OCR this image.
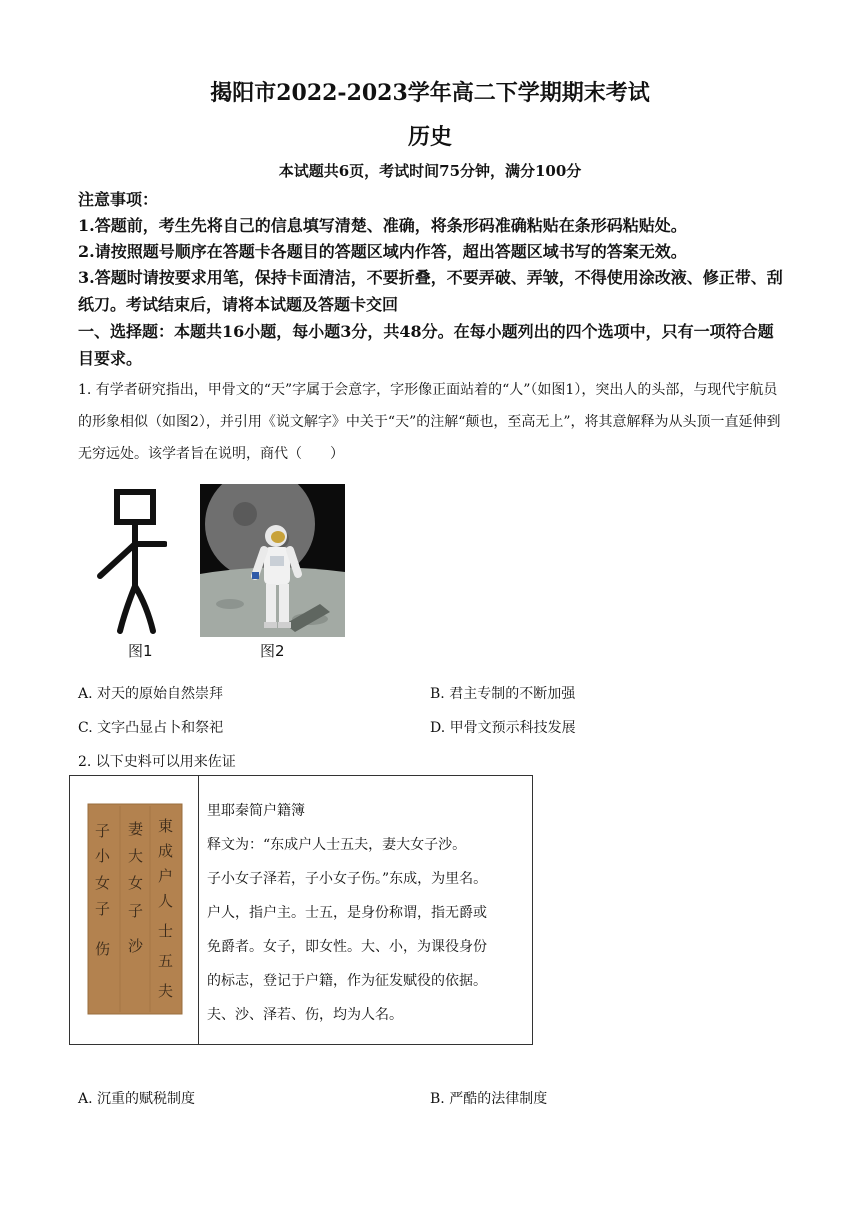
揭阳市2022-2023学年高二下学期期末考试
历史
本试题共6页，考试时间75分钟，满分100分
注意事项：
1.答题前，考生先将自己的信息填写清楚、准确，将条形码准确粘贴在条形码粘贴处。
2.请按照题号顺序在答题卡各题目的答题区域内作答，超出答题区域书写的答案无效。
3.答题时请按要求用笔，保持卡面清洁，不要折叠，不要弄破、弄皱，不得使用涂改液、修正带、刮纸刀。考试结束后，请将本试题及答题卡交回
一、选择题：本题共16小题，每小题3分，共48分。在每小题列出的四个选项中，只有一项符合题目要求。
1. 有学者研究指出，甲骨文的“天”字属于会意字，字形像正面站着的“人”（如图1），突出人的头部，与现代宇航员的形象相似（如图2），并引用《说文解字》中关于“天”的注解“颠也，至高无上”，将其意解释为从头顶一直延伸到无穷远处。该学者旨在说明，商代（　　）
图1	图2
A. 对天的原始自然崇拜	B. 君主专制的不断加强
C. 文字凸显占卜和祭祀	D. 甲骨文预示科技发展
2. 以下史料可以用来佐证
東
成
户
人
士
五
夫
妻
大
女
子
沙
子
小
女
子
伤

里耶秦简户籍簿
释文为：“东成户人士五夫，妻大女子沙。
子小女子泽若，子小女子伤。”东成，为里名。
户人，指户主。士五，是身份称谓，指无爵或
免爵者。女子，即女性。大、小，为课役身份
的标志，登记于户籍，作为征发赋役的依据。
夫、沙、泽若、伤，均为人名。
A. 沉重的赋税制度	B. 严酷的法律制度
